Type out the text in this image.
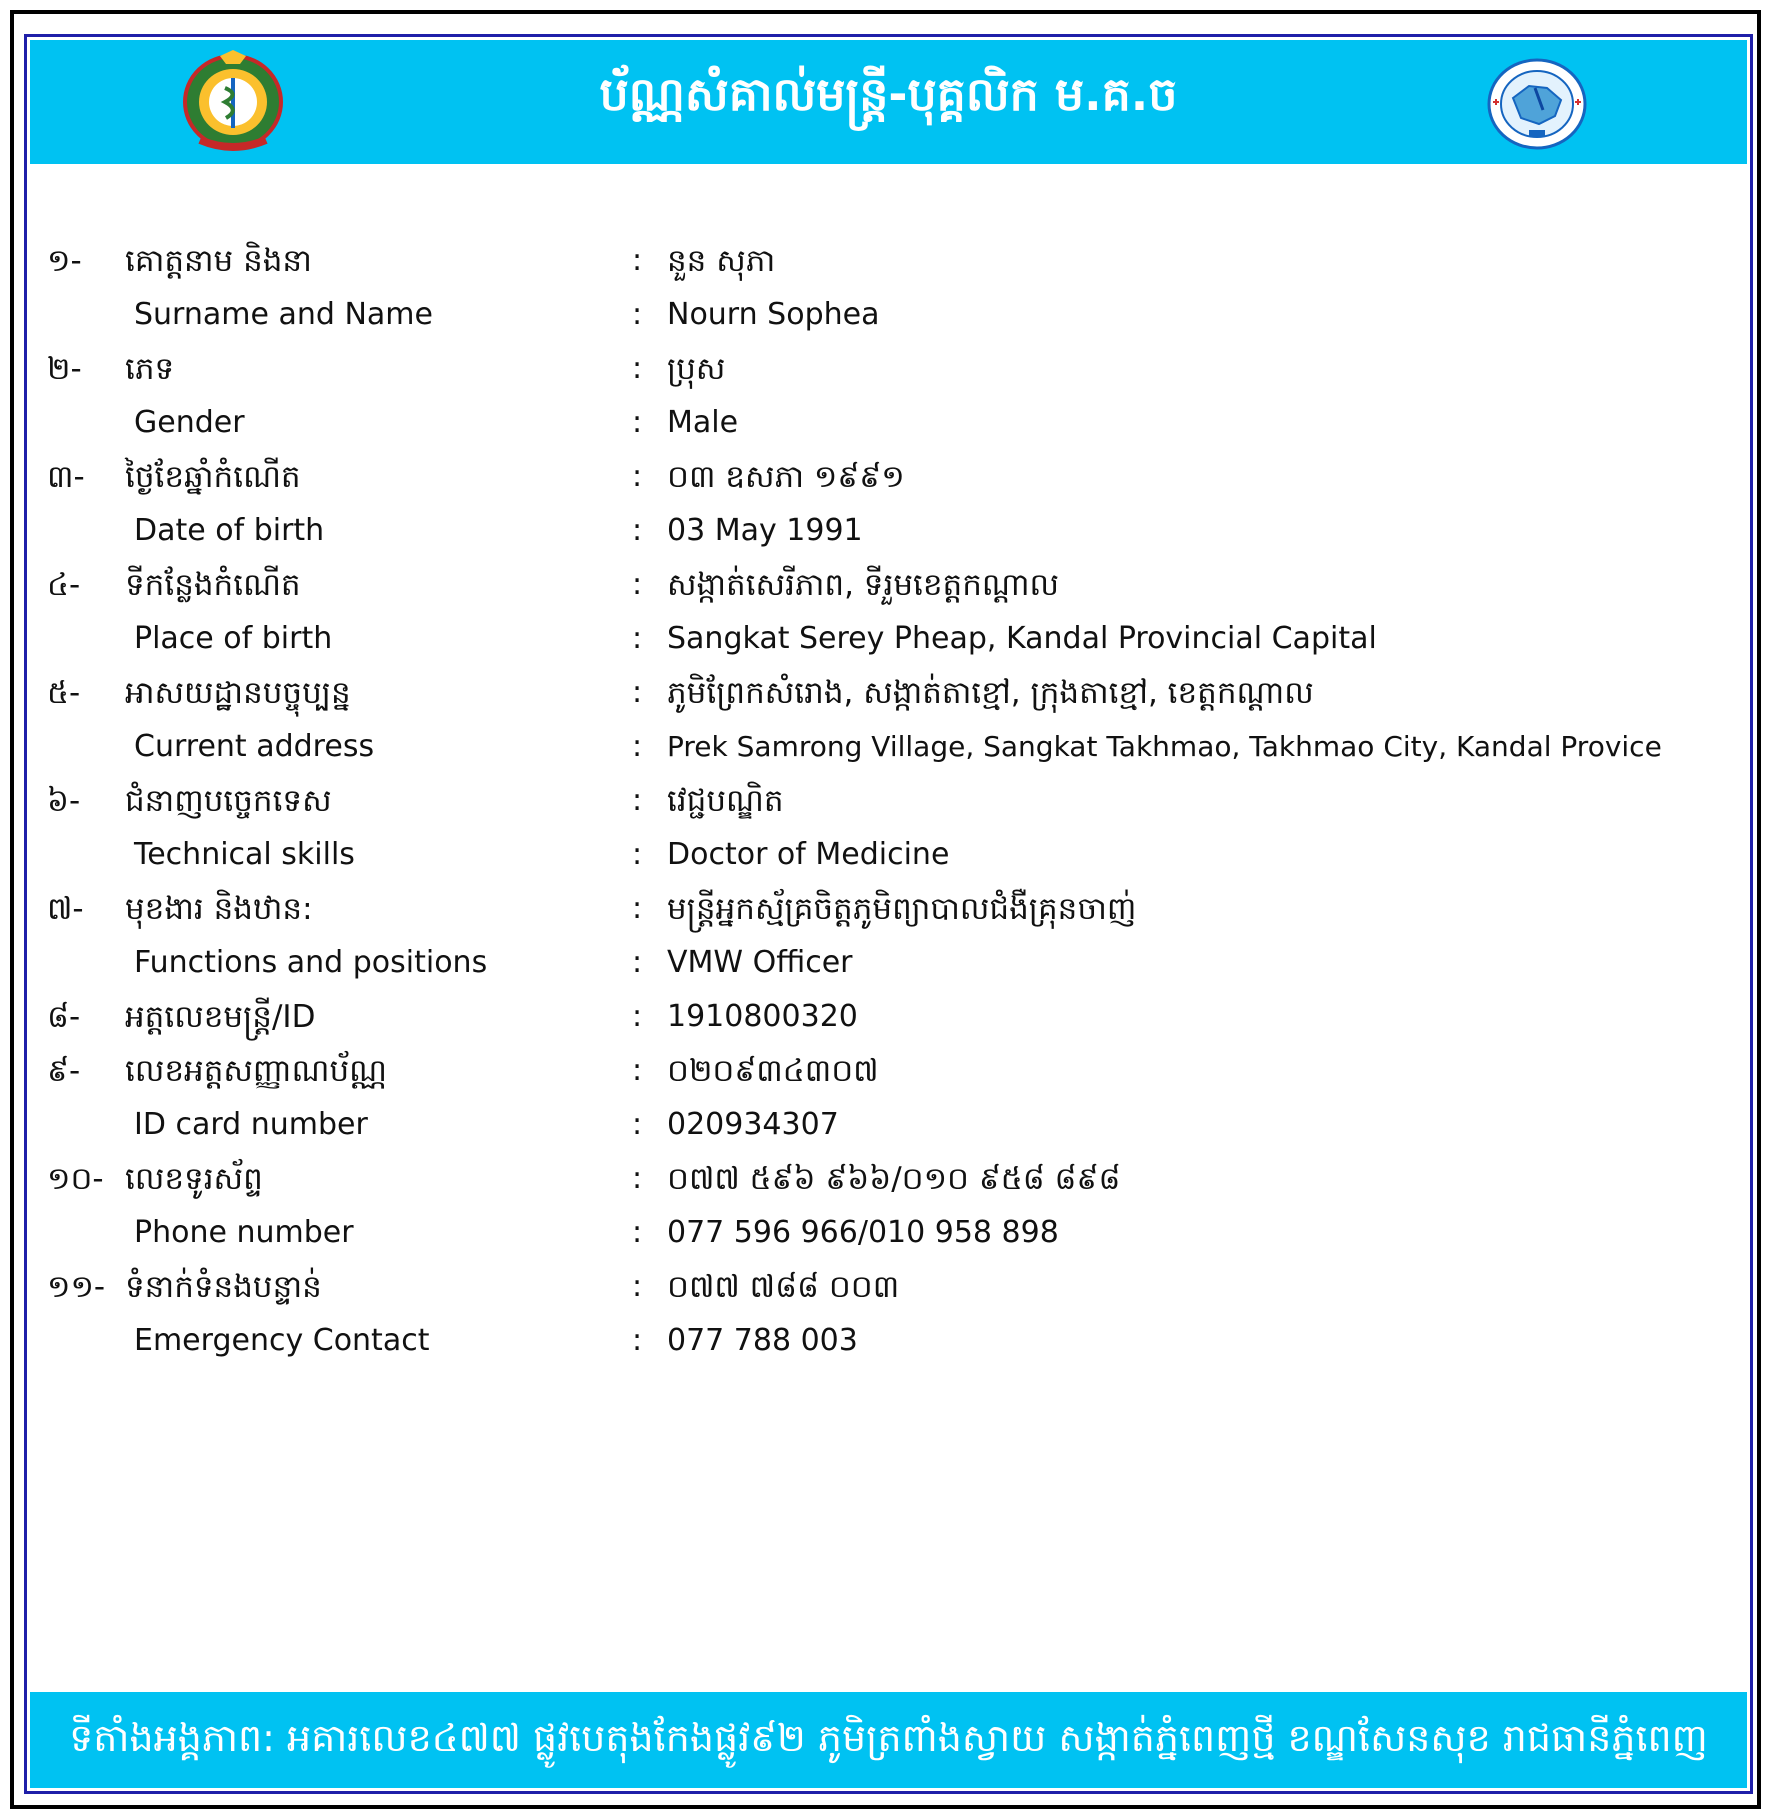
ប័ណ្ណសំគាល់មន្ត្រី-បុគ្គលិក ម.គ.ច
១- គោត្តនាម និងនា	: នួន សុភា
Surname and Name	: Nourn Sophea
២- ភេទ	: ប្រុស
Gender	: Male
៣- ថ្ងៃខែឆ្នាំកំណើត	: ០៣ ឧសភា ១៩៩១
Date of birth	: 03 May 1991
៤- ទីកន្លែងកំណើត	: សង្កាត់សេរីភាព, ទីរួមខេត្តកណ្តាល
Place of birth	: Sangkat Serey Pheap, Kandal Provincial Capital
៥- អាសយដ្ឋានបច្ចុប្បន្ន	: ភូមិព្រែកសំរោង, សង្កាត់តាខ្មៅ, ក្រុងតាខ្មៅ, ខេត្តកណ្តាល
Current address	: Prek Samrong Village, Sangkat Takhmao, Takhmao City, Kandal Provice
៦- ជំនាញបច្ចេកទេស	: វេជ្ជបណ្ឌិត
Technical skills	: Doctor of Medicine
៧- មុខងារ និងឋាន:	: មន្ត្រីអ្នកស្ម័គ្រចិត្តភូមិព្យាបាលជំងឺគ្រុនចាញ់
Functions and positions	: VMW Officer
៨- អត្តលេខមន្ត្រី/ID	: 1910800320
៩- លេខអត្តសញ្ញាណប័ណ្ណ	: ០២០៩៣៤៣០៧
ID card number	: 020934307
១០- លេខទូរស័ព្ទ	: ០៧៧ ៥៩៦ ៩៦៦/០១០ ៩៥៨ ៨៩៨
Phone number	: 077 596 966/010 958 898
១១- ទំនាក់ទំនងបន្ទាន់	: ០៧៧ ៧៨៨ ០០៣
Emergency Contact	: 077 788 003
ទីតាំងអង្គភាព: អគារលេខ៤៧៧ ផ្លូវបេតុងកែងផ្លូវ៩២ ភូមិត្រពាំងស្វាយ សង្កាត់ភ្នំពេញថ្មី ខណ្ឌសែនសុខ រាជធានីភ្នំពេញ
